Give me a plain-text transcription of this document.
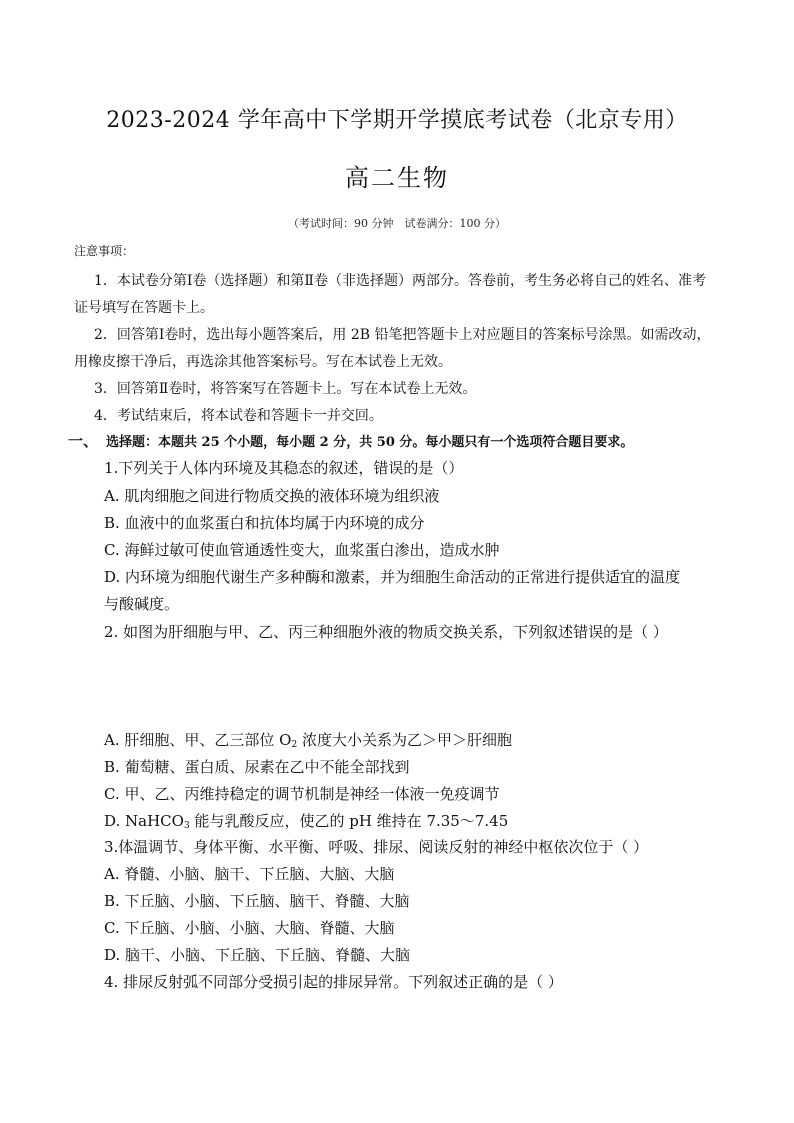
2023-2024 学年高中下学期开学摸底考试卷（北京专用）
高二生物
（考试时间：90 分钟　试卷满分：100 分）
注意事项：
1．本试卷分第Ⅰ卷（选择题）和第Ⅱ卷（非选择题）两部分。答卷前，考生务必将自己的姓名、准考
证号填写在答题卡上。
2．回答第Ⅰ卷时，选出每小题答案后，用 2B 铅笔把答题卡上对应题目的答案标号涂黑。如需改动，
用橡皮擦干净后，再选涂其他答案标号。写在本试卷上无效。
3．回答第Ⅱ卷时，将答案写在答题卡上。写在本试卷上无效。
4．考试结束后，将本试卷和答题卡一并交回。
一、 选择题：本题共 25 个小题，每小题 2 分，共 50 分。每小题只有一个选项符合题目要求。
1.下列关于人体内环境及其稳态的叙述，错误的是（）
A. 肌肉细胞之间进行物质交换的液体环境为组织液
B. 血液中的血浆蛋白和抗体均属于内环境的成分
C. 海鲜过敏可使血管通透性变大，血浆蛋白渗出，造成水肿
D. 内环境为细胞代谢生产多种酶和激素，并为细胞生命活动的正常进行提供适宜的温度
与酸碱度。
2. 如图为肝细胞与甲、乙、丙三种细胞外液的物质交换关系，下列叙述错误的是（ ）
A. 肝细胞、甲、乙三部位 $O_2$ 浓度大小关系为乙＞甲＞肝细胞
B. 葡萄糖、蛋白质、尿素在乙中不能全部找到
C. 甲、乙、丙维持稳定的调节机制是神经一体液一免疫调节
D. NaHCO$_3$ 能与乳酸反应，使乙的 pH 维持在 7.35～7.45
3.体温调节、身体平衡、水平衡、呼吸、排尿、阅读反射的神经中枢依次位于（ ）
A. 脊髓、小脑、脑干、下丘脑、大脑、大脑
B. 下丘脑、小脑、下丘脑、脑干、脊髓、大脑
C. 下丘脑、小脑、小脑、大脑、脊髓、大脑
D. 脑干、小脑、下丘脑、下丘脑、脊髓、大脑
4. 排尿反射弧不同部分受损引起的排尿异常。下列叙述正确的是（ ）
